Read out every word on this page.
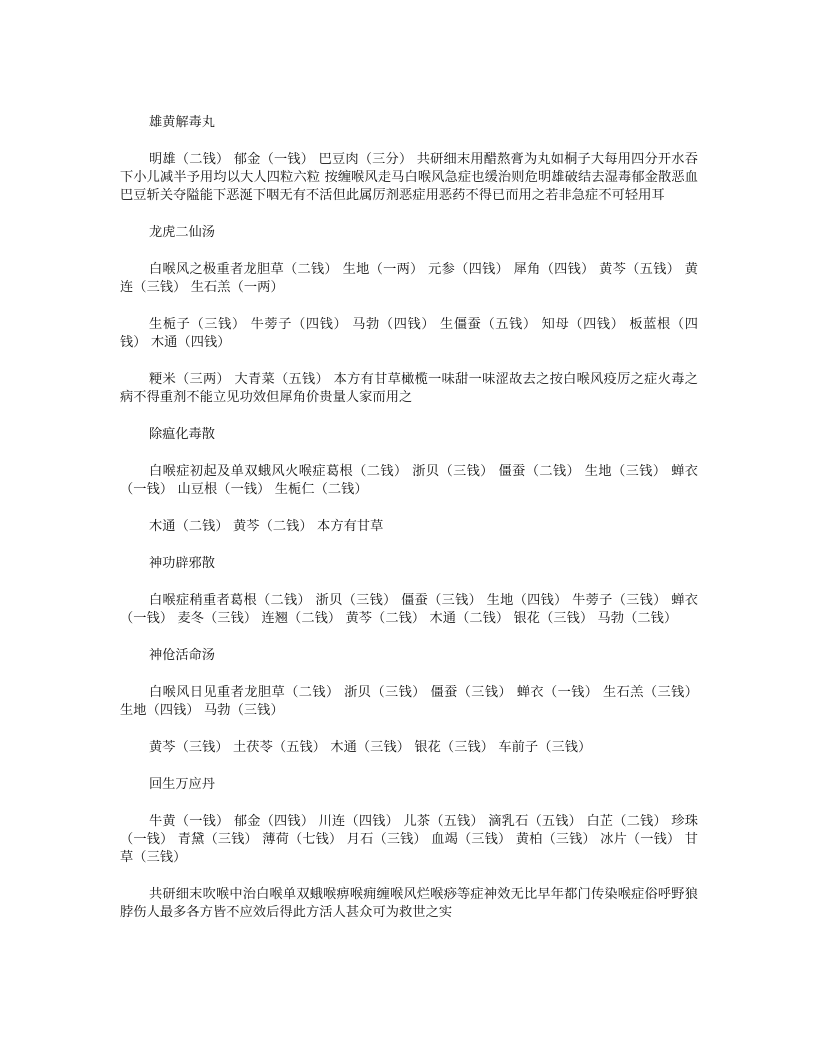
雄黄解毒丸

明雄（二钱） 郁金（一钱） 巴豆肉（三分） 共研细末用醋熬膏为丸如桐子大每用四分开水吞下小儿减半予用均以大人四粒六粒 按缠喉风走马白喉风急症也缓治则危明雄破结去湿毒郁金散恶血巴豆斩关夺隘能下恶涎下咽无有不活但此属厉剂恶症用恶药不得已而用之若非急症不可轻用耳

龙虎二仙汤

白喉风之极重者龙胆草（二钱） 生地（一两） 元参（四钱） 犀角（四钱） 黄芩（五钱） 黄连（三钱） 生石羔（一两）

生栀子（三钱） 牛蒡子（四钱） 马勃（四钱） 生僵蚕（五钱） 知母（四钱） 板蓝根（四钱） 木通（四钱）

粳米（三两） 大青菜（五钱） 本方有甘草橄榄一味甜一味涩故去之按白喉风疫厉之症火毒之病不得重剂不能立见功效但犀角价贵量人家而用之

除瘟化毒散

白喉症初起及单双蛾风火喉症葛根（二钱） 浙贝（三钱） 僵蚕（二钱） 生地（三钱） 蝉衣（一钱） 山豆根（一钱） 生栀仁（二钱）

木通（二钱） 黄芩（二钱） 本方有甘草

神功辟邪散

白喉症稍重者葛根（二钱） 浙贝（三钱） 僵蚕（三钱） 生地（四钱） 牛蒡子（三钱） 蝉衣（一钱） 麦冬（三钱） 连翘（二钱） 黄芩（二钱） 木通（二钱） 银花（三钱） 马勃（二钱）

神伧活命汤

白喉风日见重者龙胆草（二钱） 浙贝（三钱） 僵蚕（三钱） 蝉衣（一钱） 生石羔（三钱） 生地（四钱） 马勃（三钱）

黄芩（三钱） 土茯苓（五钱） 木通（三钱） 银花（三钱） 车前子（三钱）

回生万应丹

牛黄（一钱） 郁金（四钱） 川连（四钱） 儿茶（五钱） 滴乳石（五钱） 白芷（二钱） 珍珠（一钱） 青黛（三钱） 薄荷（七钱） 月石（三钱） 血竭（三钱） 黄柏（三钱） 冰片（一钱） 甘草（三钱）

共研细末吹喉中治白喉单双蛾喉痹喉痈缠喉风烂喉痧等症神效无比早年都门传染喉症俗呼野狼脖伤人最多各方皆不应效后得此方活人甚众可为救世之实
